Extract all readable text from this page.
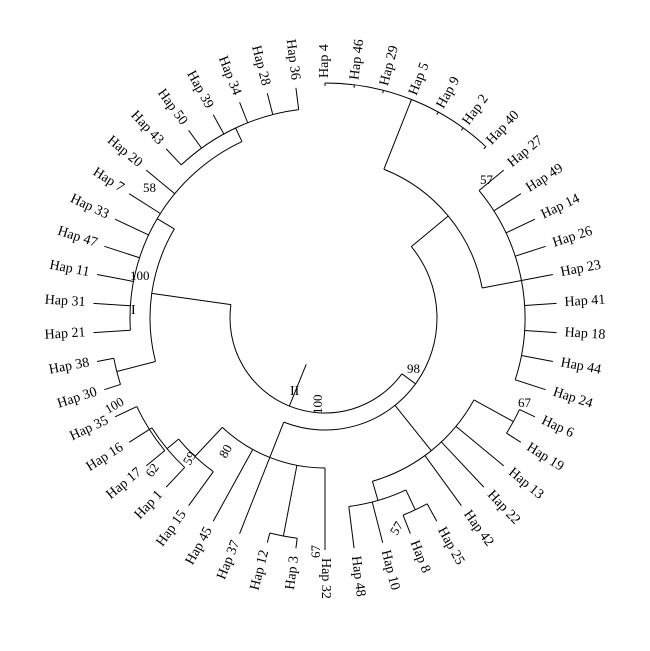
Hap 4 Hap 46 Hap 29 Hap 5 Hap 9
Hap 2
Hap 40
Hap 27
Hap 49
Hap 14
Hap 26
Hap 23
Hap 41
Hap 18
Hap 44
Hap 24
Hap 6
Hap 19
Hap 13
Hap 22
Hap 42
Hap 25
Hap 8
Hap 10
Hap 48
Hap 32
Hap 3
Hap 12
Hap 37
Hap 45
Hap 15
Hap 1
Hap 17
Hap 16
Hap 35
Hap 30
Hap 38
Hap 21
Hap 31
Hap 11
Hap 47
Hap 33
Hap 7
Hap 20
Hap 43
Hap 50
Hap 39
Hap 34 Hap 28 Hap 36
100
100
58
57
98
67
57
67
80
59
62
100
I
II
